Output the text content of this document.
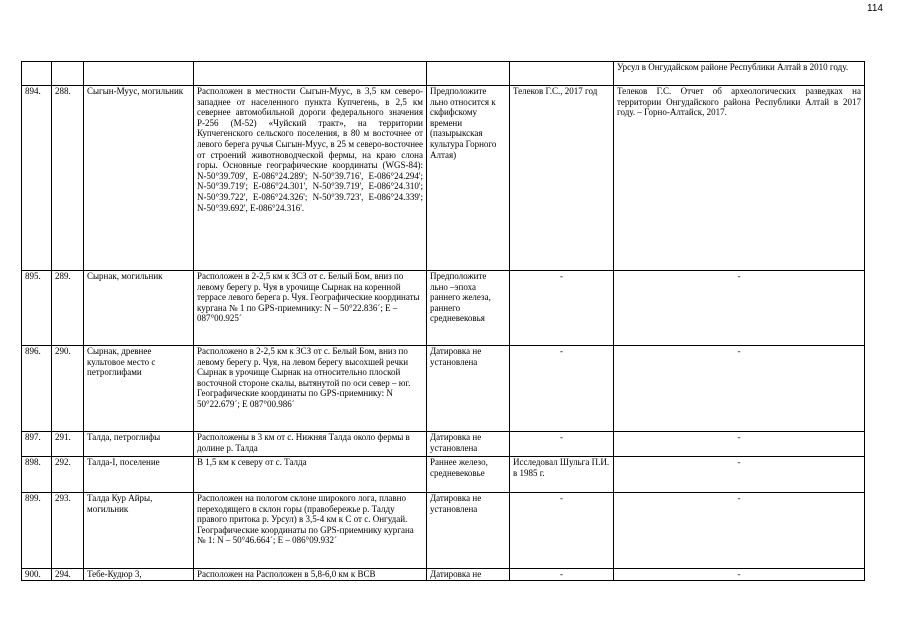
114
						Урсул в Онгудайском районе Республики Алтай в 2010 году.
894.	288.	Сыгын-Муус, могильник	Расположен в местности Сыгын-Муус, в 3,5 км северо-западнее от населенного пункта Купчегень, в 2,5 км севернее автомобильной дороги федерального значения Р-256 (М-52) «Чуйский тракт», на территории Купчегенского сельского поселения, в 80 м восточнее от левого берега ручья Сыгын-Муус, в 25 м северо-восточнее от строений животноводческой фермы, на краю слона горы. Основные географические координаты (WGS-84): N-50°39.709', E-086°24.289'; N-50°39.716', E-086°24.294'; N-50°39.719'; E-086°24.301', N-50°39.719', E-086°24.310'; N-50°39.722', E-086°24.326'; N-50°39.723', E-086°24.339'; N-50°39.692', E-086°24.316'.	Предположите льно относится к скфифскому времени (пазырыкская культура Горного Алтая)	Телеков Г.С., 2017 год	Телеков Г.С. Отчет об археологических разведках на территории Онгудайского района Республики Алтай в 2017 году. – Горно-Алтайск, 2017.
895.	289.	Сырнак, могильник	Расположен в 2-2,5 км к ЗСЗ от с. Белый Бом, вниз по левому берегу р. Чуя в урочище Сырнак на коренной террасе левого берега р. Чуя. Географические координаты кургана № 1 по GPS-приемнику: N – 50°22.836´; E – 087°00.925´	Предположите льно –эпоха раннего железа, раннего средневековья	-	-
896.	290.	Сырнак, древнее культовое место с петроглифами	Расположено в 2-2,5 км к ЗСЗ от с. Белый Бом, вниз по левому берегу р. Чуя, на левом берегу высохшей речки Сырнак в урочище Сырнак на относительно плоской восточной стороне скалы, вытянутой по оси север – юг. Географические координаты по GPS-приемнику: N 50°22.679´; E 087°00.986´	Датировка не установлена	-	-
897.	291.	Талда, петроглифы	Расположены в 3 км от с. Нижняя Талда около фермы в долине р. Талда	Датировка не установлена	-	-
898.	292.	Талда-I, поселение	В 1,5 км к северу от с. Талда	Раннее железо, средневековье	Исследовал Шульга П.И. в 1985 г.	-
899.	293.	Талда Кур Айры, могильник	Расположен на пологом склоне широкого лога, плавно переходящего в склон горы (правобережье р. Талду правого притока р. Урсул) в 3,5-4 км к С от с. Онгудай. Географические координаты по GPS-приемнику кургана № 1: N – 50°46.664´; E – 086°09.932´	Датировка не установлена	-	-
900.	294.	Тебе-Кудюр 3,	Расположен на Расположен в 5,8-6,0 км к ВСВ	Датировка не	-	-
